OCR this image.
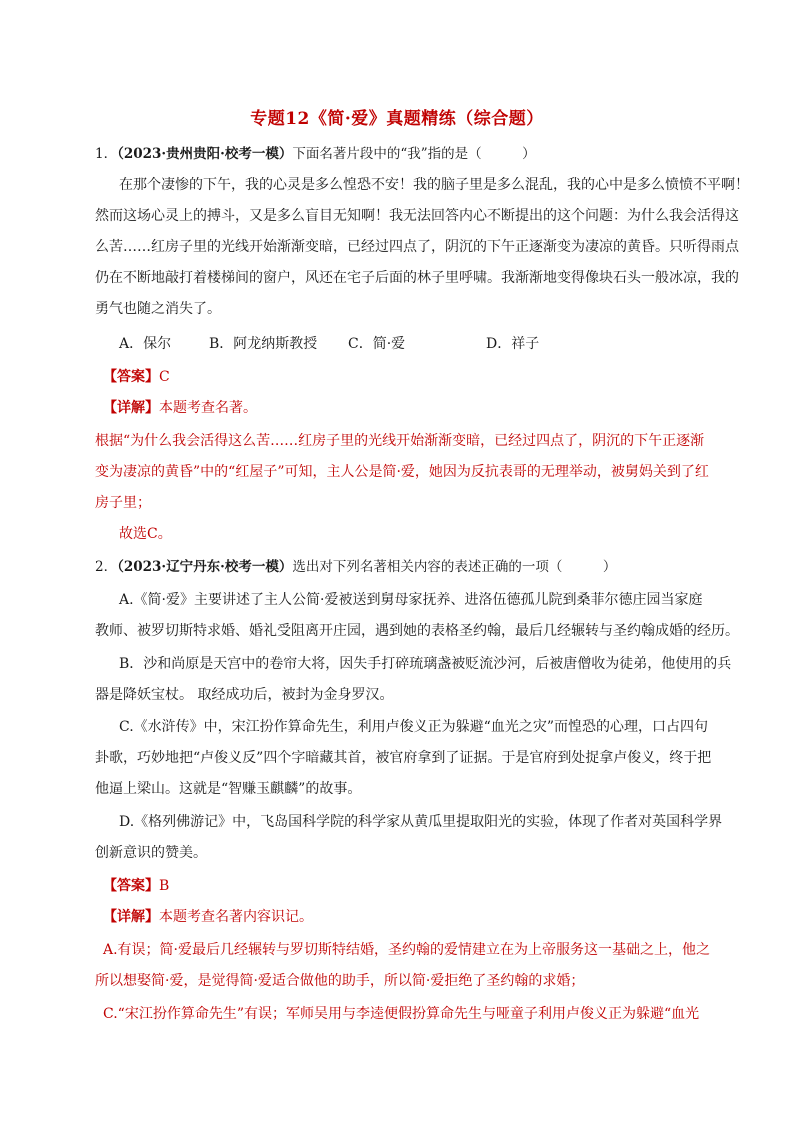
专题12《简·爱》真题精练（综合题）
1．（2023·贵州贵阳·校考一模）下面名著片段中的“我”指的是（　　　）
在那个凄惨的下午，我的心灵是多么惶恐不安！我的脑子里是多么混乱，我的心中是多么愤愤不平啊！
然而这场心灵上的搏斗，又是多么盲目无知啊！我无法回答内心不断提出的这个问题：为什么我会活得这
么苦……红房子里的光线开始渐渐变暗，已经过四点了，阴沉的下午正逐渐变为凄凉的黄昏。只听得雨点
仍在不断地敲打着楼梯间的窗户，风还在宅子后面的林子里呼啸。我渐渐地变得像块石头一般冰凉，我的
勇气也随之消失了。
A．保尔	B．阿龙纳斯教授 C．简·爱	D．祥子
【答案】C
【详解】本题考查名著。
根据“为什么我会活得这么苦……红房子里的光线开始渐渐变暗，已经过四点了，阴沉的下午正逐渐
变为凄凉的黄昏”中的“红屋子”可知，主人公是简·爱，她因为反抗表哥的无理举动，被舅妈关到了红
房子里；
故选C。
2．（2023·辽宁丹东·校考一模）选出对下列名著相关内容的表述正确的一项（　　　）
A.《简·爱》主要讲述了主人公简·爱被送到舅母家抚养、进洛伍德孤儿院到桑菲尔德庄园当家庭
教师、被罗切斯特求婚、婚礼受阻离开庄园，遇到她的表格圣约翰，最后几经辗转与圣约翰成婚的经历。
B．沙和尚原是天宫中的卷帘大将，因失手打碎琉璃盏被贬流沙河，后被唐僧收为徒弟，他使用的兵
器是降妖宝杖。 取经成功后，被封为金身罗汉。
C.《水浒传》中，宋江扮作算命先生，利用卢俊义正为躲避“血光之灾”而惶恐的心理，口占四句
卦歌，巧妙地把“卢俊义反”四个字暗藏其首，被官府拿到了证据。于是官府到处捉拿卢俊义，终于把
他逼上梁山。这就是“智赚玉麒麟”的故事。
D.《格列佛游记》中，飞岛国科学院的科学家从黄瓜里提取阳光的实验，体现了作者对英国科学界
创新意识的赞美。
【答案】B
【详解】本题考查名著内容识记。
A.有误；简·爱最后几经辗转与罗切斯特结婚，圣约翰的爱情建立在为上帝服务这一基础之上，他之
所以想娶简·爱，是觉得简·爱适合做他的助手，所以简·爱拒绝了圣约翰的求婚；
C.“宋江扮作算命先生”有误；军师吴用与李逵便假扮算命先生与哑童子利用卢俊义正为躲避“血光
